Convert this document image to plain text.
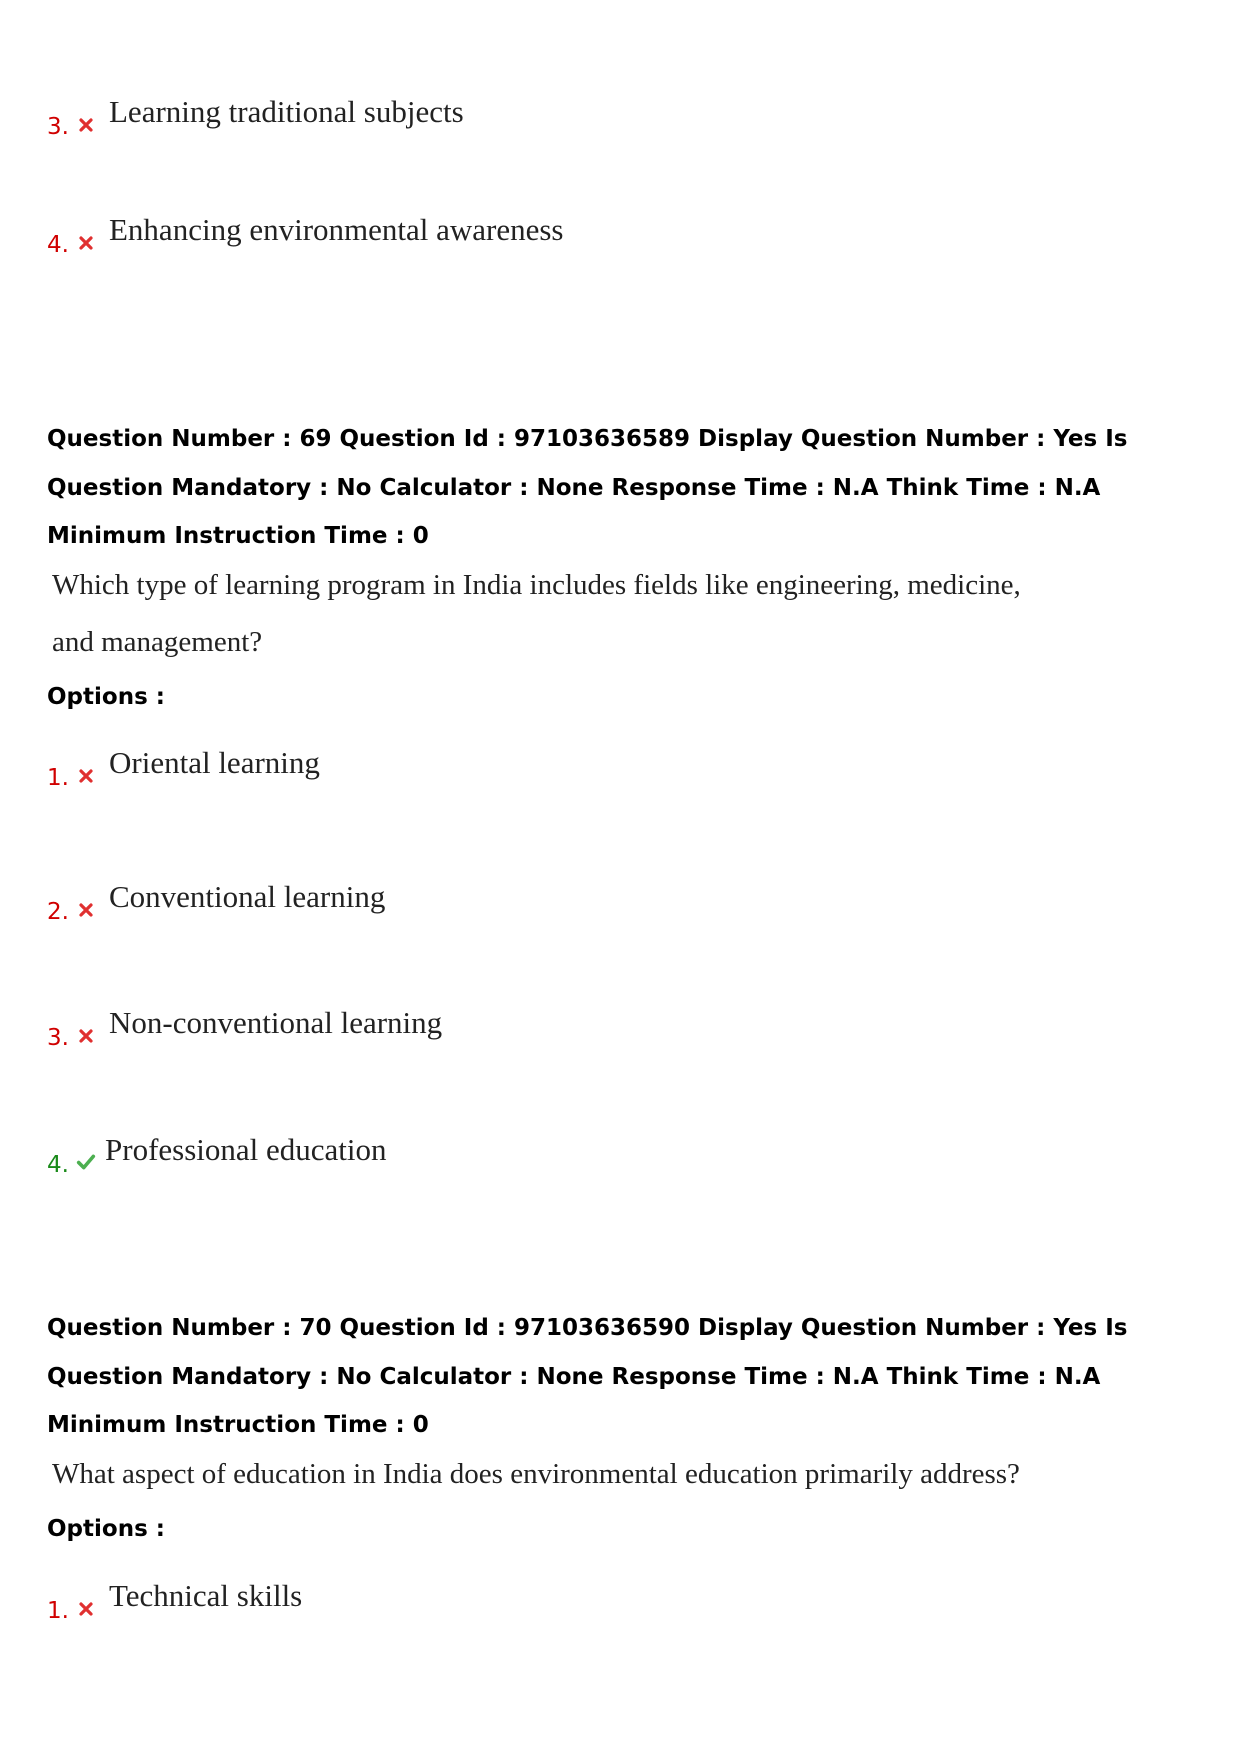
3. Learning traditional subjects
4. Enhancing environmental awareness
Question Number : 69 Question Id : 97103636589 Display Question Number : Yes Is Question Mandatory : No Calculator : None Response Time : N.A Think Time : N.A Minimum Instruction Time : 0
Which type of learning program in India includes fields like engineering, medicine,
and management?
Options :
1. Oriental learning
2. Conventional learning
3. Non-conventional learning
4. Professional education
Question Number : 70 Question Id : 97103636590 Display Question Number : Yes Is Question Mandatory : No Calculator : None Response Time : N.A Think Time : N.A Minimum Instruction Time : 0
What aspect of education in India does environmental education primarily address?
Options :
1. Technical skills
